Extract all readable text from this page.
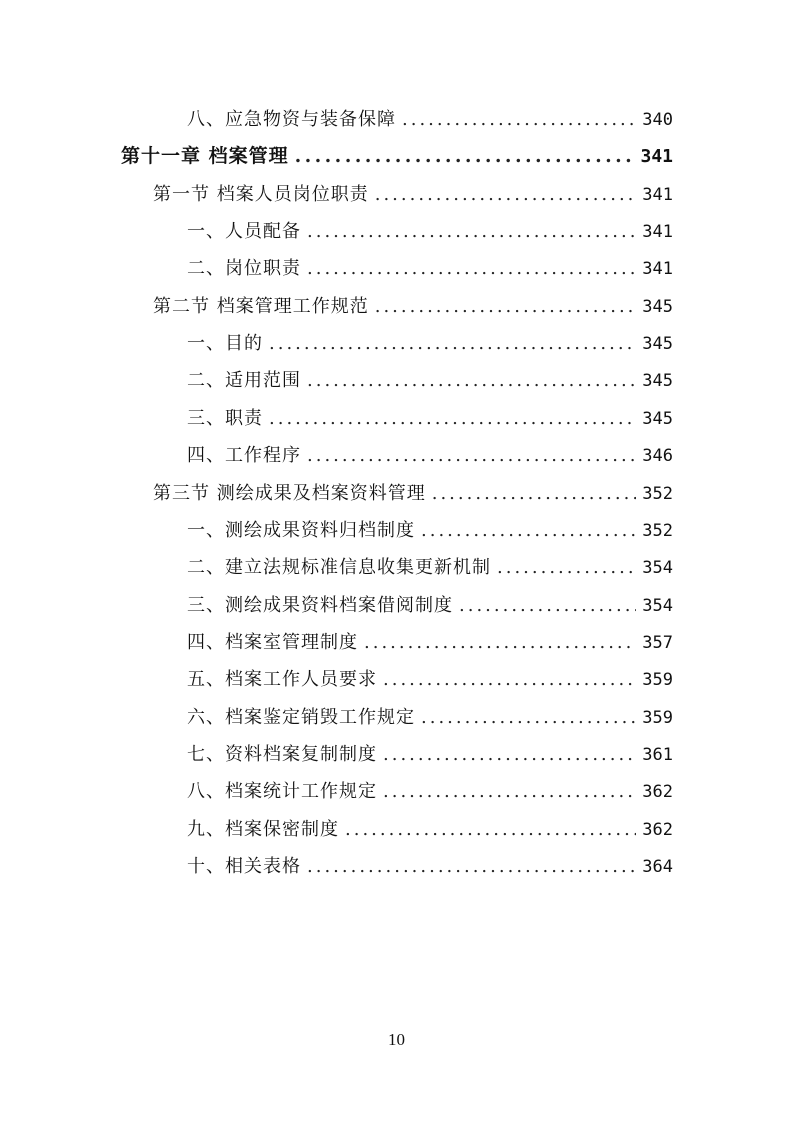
八、应急物资与装备保障 .....	340
第十一章 档案管理 .....	341
第一节 档案人员岗位职责 .....	341
一、人员配备 .....	341
二、岗位职责 .....	341
第二节 档案管理工作规范 .....	345
一、目的 .....	345
二、适用范围 .....	345
三、职责 .....	345
四、工作程序 .....	346
第三节 测绘成果及档案资料管理 .....	352
一、测绘成果资料归档制度 .....	352
二、建立法规标准信息收集更新机制 .....	354
三、测绘成果资料档案借阅制度 .....	354
四、档案室管理制度 .....	357
五、档案工作人员要求 .....	359
六、档案鉴定销毁工作规定 .....	359
七、资料档案复制制度 .....	361
八、档案统计工作规定 .....	362
九、档案保密制度 .....	362
十、相关表格 .....	364
10
